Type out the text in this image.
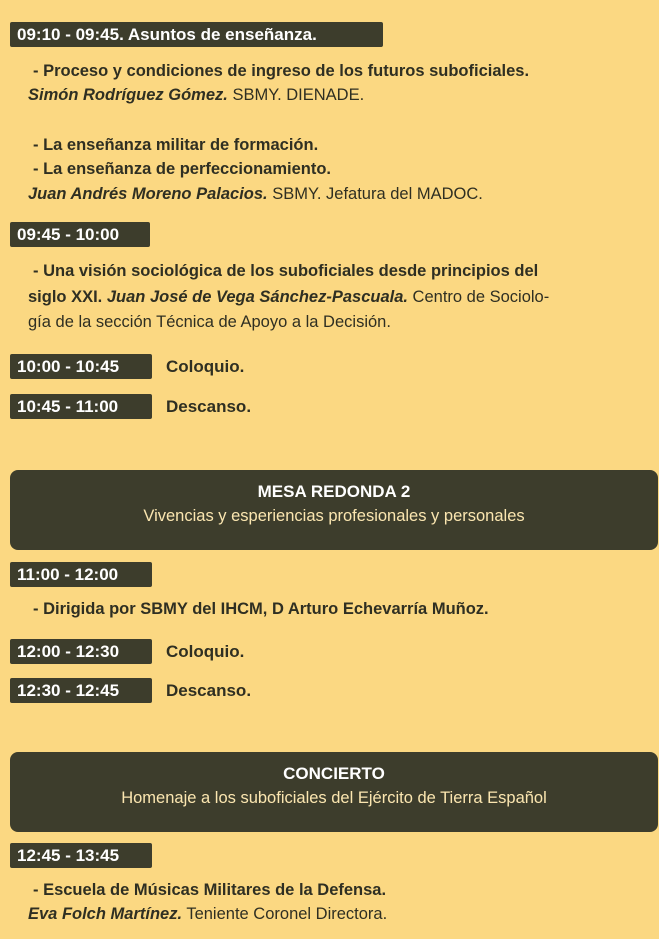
09:10 - 09:45. Asuntos de enseñanza.
- Proceso y condiciones de ingreso de los futuros suboficiales.
Simón Rodríguez Gómez. SBMY. DIENADE.
- La enseñanza militar de formación.
- La enseñanza de perfeccionamiento.
Juan Andrés Moreno Palacios. SBMY. Jefatura del MADOC.
09:45 - 10:00
- Una visión sociológica de los suboficiales desde principios del
siglo XXI. Juan José de Vega Sánchez-Pascuala. Centro de Sociolo-
gía de la sección Técnica de Apoyo a la Decisión.
10:00 - 10:45	Coloquio.
10:45 - 11:00	Descanso.
MESA REDONDA 2
Vivencias y esperiencias profesionales y personales
11:00 - 12:00
- Dirigida por SBMY del IHCM, D Arturo Echevarría Muñoz.
12:00 - 12:30	Coloquio.
12:30 - 12:45	Descanso.
CONCIERTO
Homenaje a los suboficiales del Ejército de Tierra Español
12:45 - 13:45
- Escuela de Músicas Militares de la Defensa.
Eva Folch Martínez. Teniente Coronel Directora.
